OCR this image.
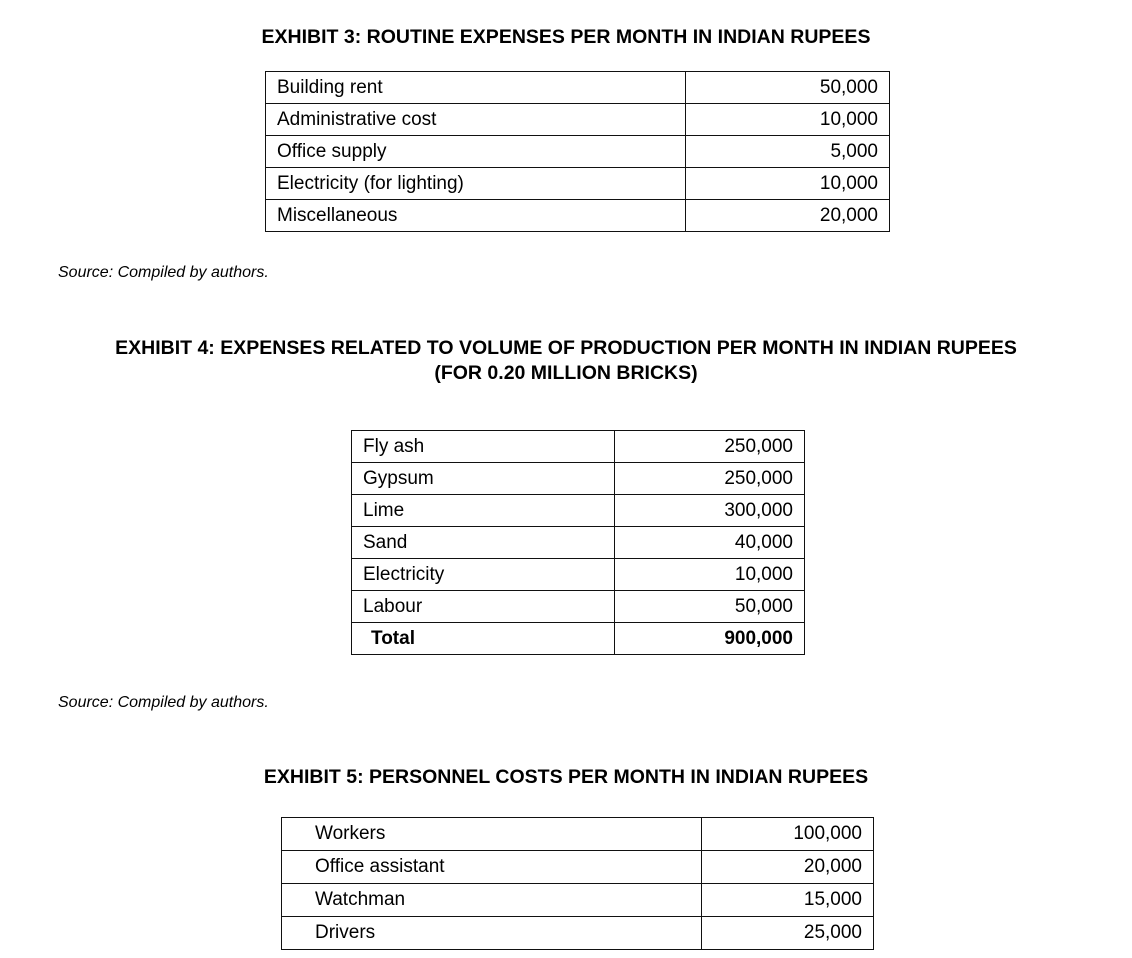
EXHIBIT 3: ROUTINE EXPENSES PER MONTH IN INDIAN RUPEES
Building rent	50,000
Administrative cost	10,000
Office supply	5,000
Electricity (for lighting)	10,000
Miscellaneous	20,000
Source: Compiled by authors.
EXHIBIT 4: EXPENSES RELATED TO VOLUME OF PRODUCTION PER MONTH IN INDIAN RUPEES
(FOR 0.20 MILLION BRICKS)
Fly ash	250,000
Gypsum	250,000
Lime	300,000
Sand	40,000
Electricity	10,000
Labour	50,000
Total	900,000
Source: Compiled by authors.
EXHIBIT 5: PERSONNEL COSTS PER MONTH IN INDIAN RUPEES
Workers	100,000
Office assistant	20,000
Watchman	15,000
Drivers	25,000
